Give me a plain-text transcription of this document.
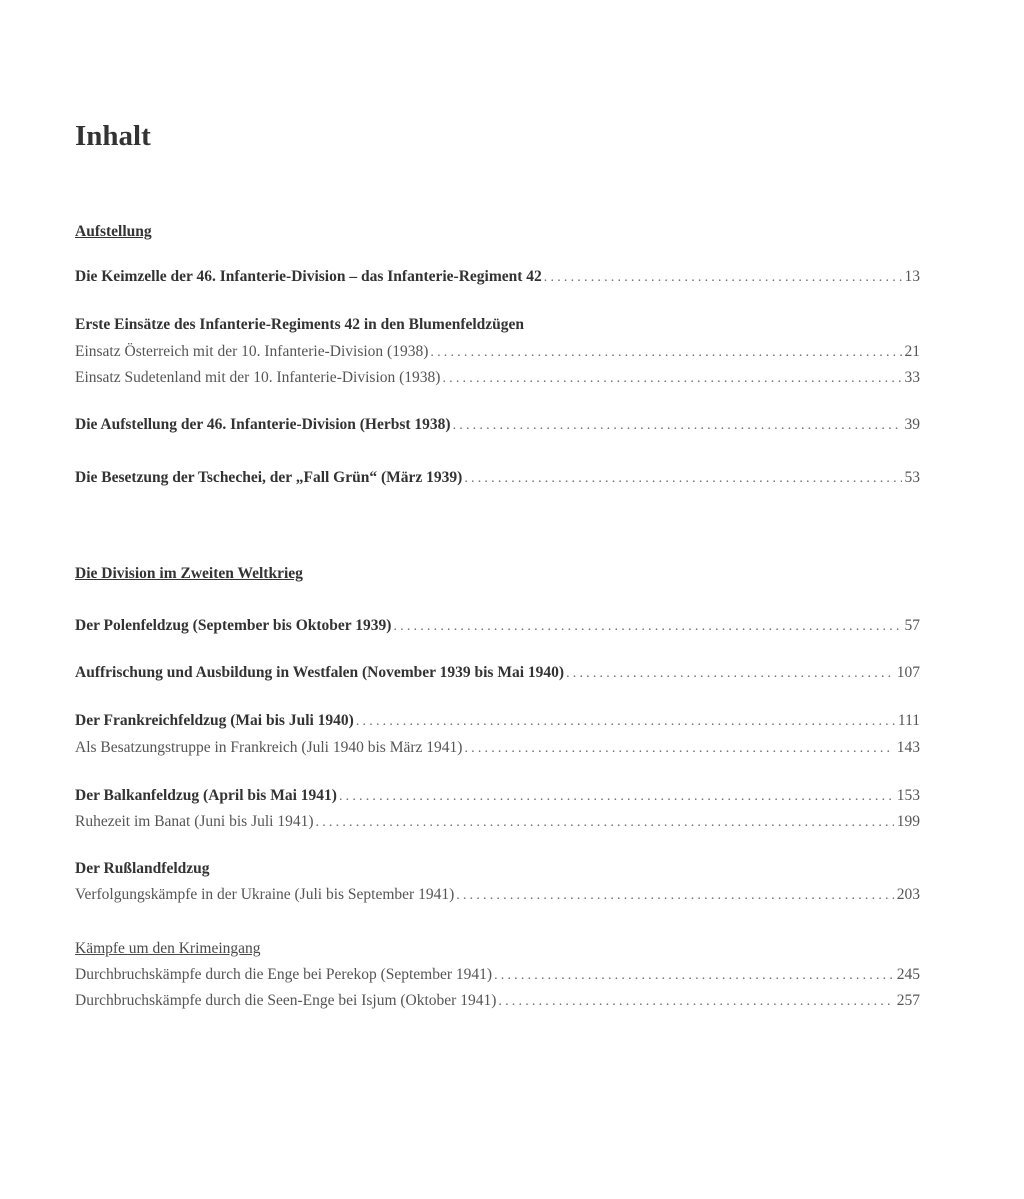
Inhalt
Aufstellung
Die Keimzelle der 46. Infanterie-Division – das Infanterie-Regiment 42 .....	13
Erste Einsätze des Infanterie-Regiments 42 in den Blumenfeldzügen
Einsatz Österreich mit der 10. Infanterie-Division (1938) .....	21
Einsatz Sudetenland mit der 10. Infanterie-Division (1938) .....	33
Die Aufstellung der 46. Infanterie-Division (Herbst 1938) .....	39
Die Besetzung der Tschechei, der „Fall Grün“ (März 1939) .....	53
Die Division im Zweiten Weltkrieg
Der Polenfeldzug (September bis Oktober 1939) .....	57
Auffrischung und Ausbildung in Westfalen (November 1939 bis Mai 1940) .....	107
Der Frankreichfeldzug (Mai bis Juli 1940) .....	111
Als Besatzungstruppe in Frankreich (Juli 1940 bis März 1941) .....	143
Der Balkanfeldzug (April bis Mai 1941) .....	153
Ruhezeit im Banat (Juni bis Juli 1941) .....	199
Der Rußlandfeldzug
Verfolgungskämpfe in der Ukraine (Juli bis September 1941) .....	203
Kämpfe um den Krimeingang
Durchbruchskämpfe durch die Enge bei Perekop (September 1941) .....	245
Durchbruchskämpfe durch die Seen-Enge bei Isjum (Oktober 1941) .....	257
